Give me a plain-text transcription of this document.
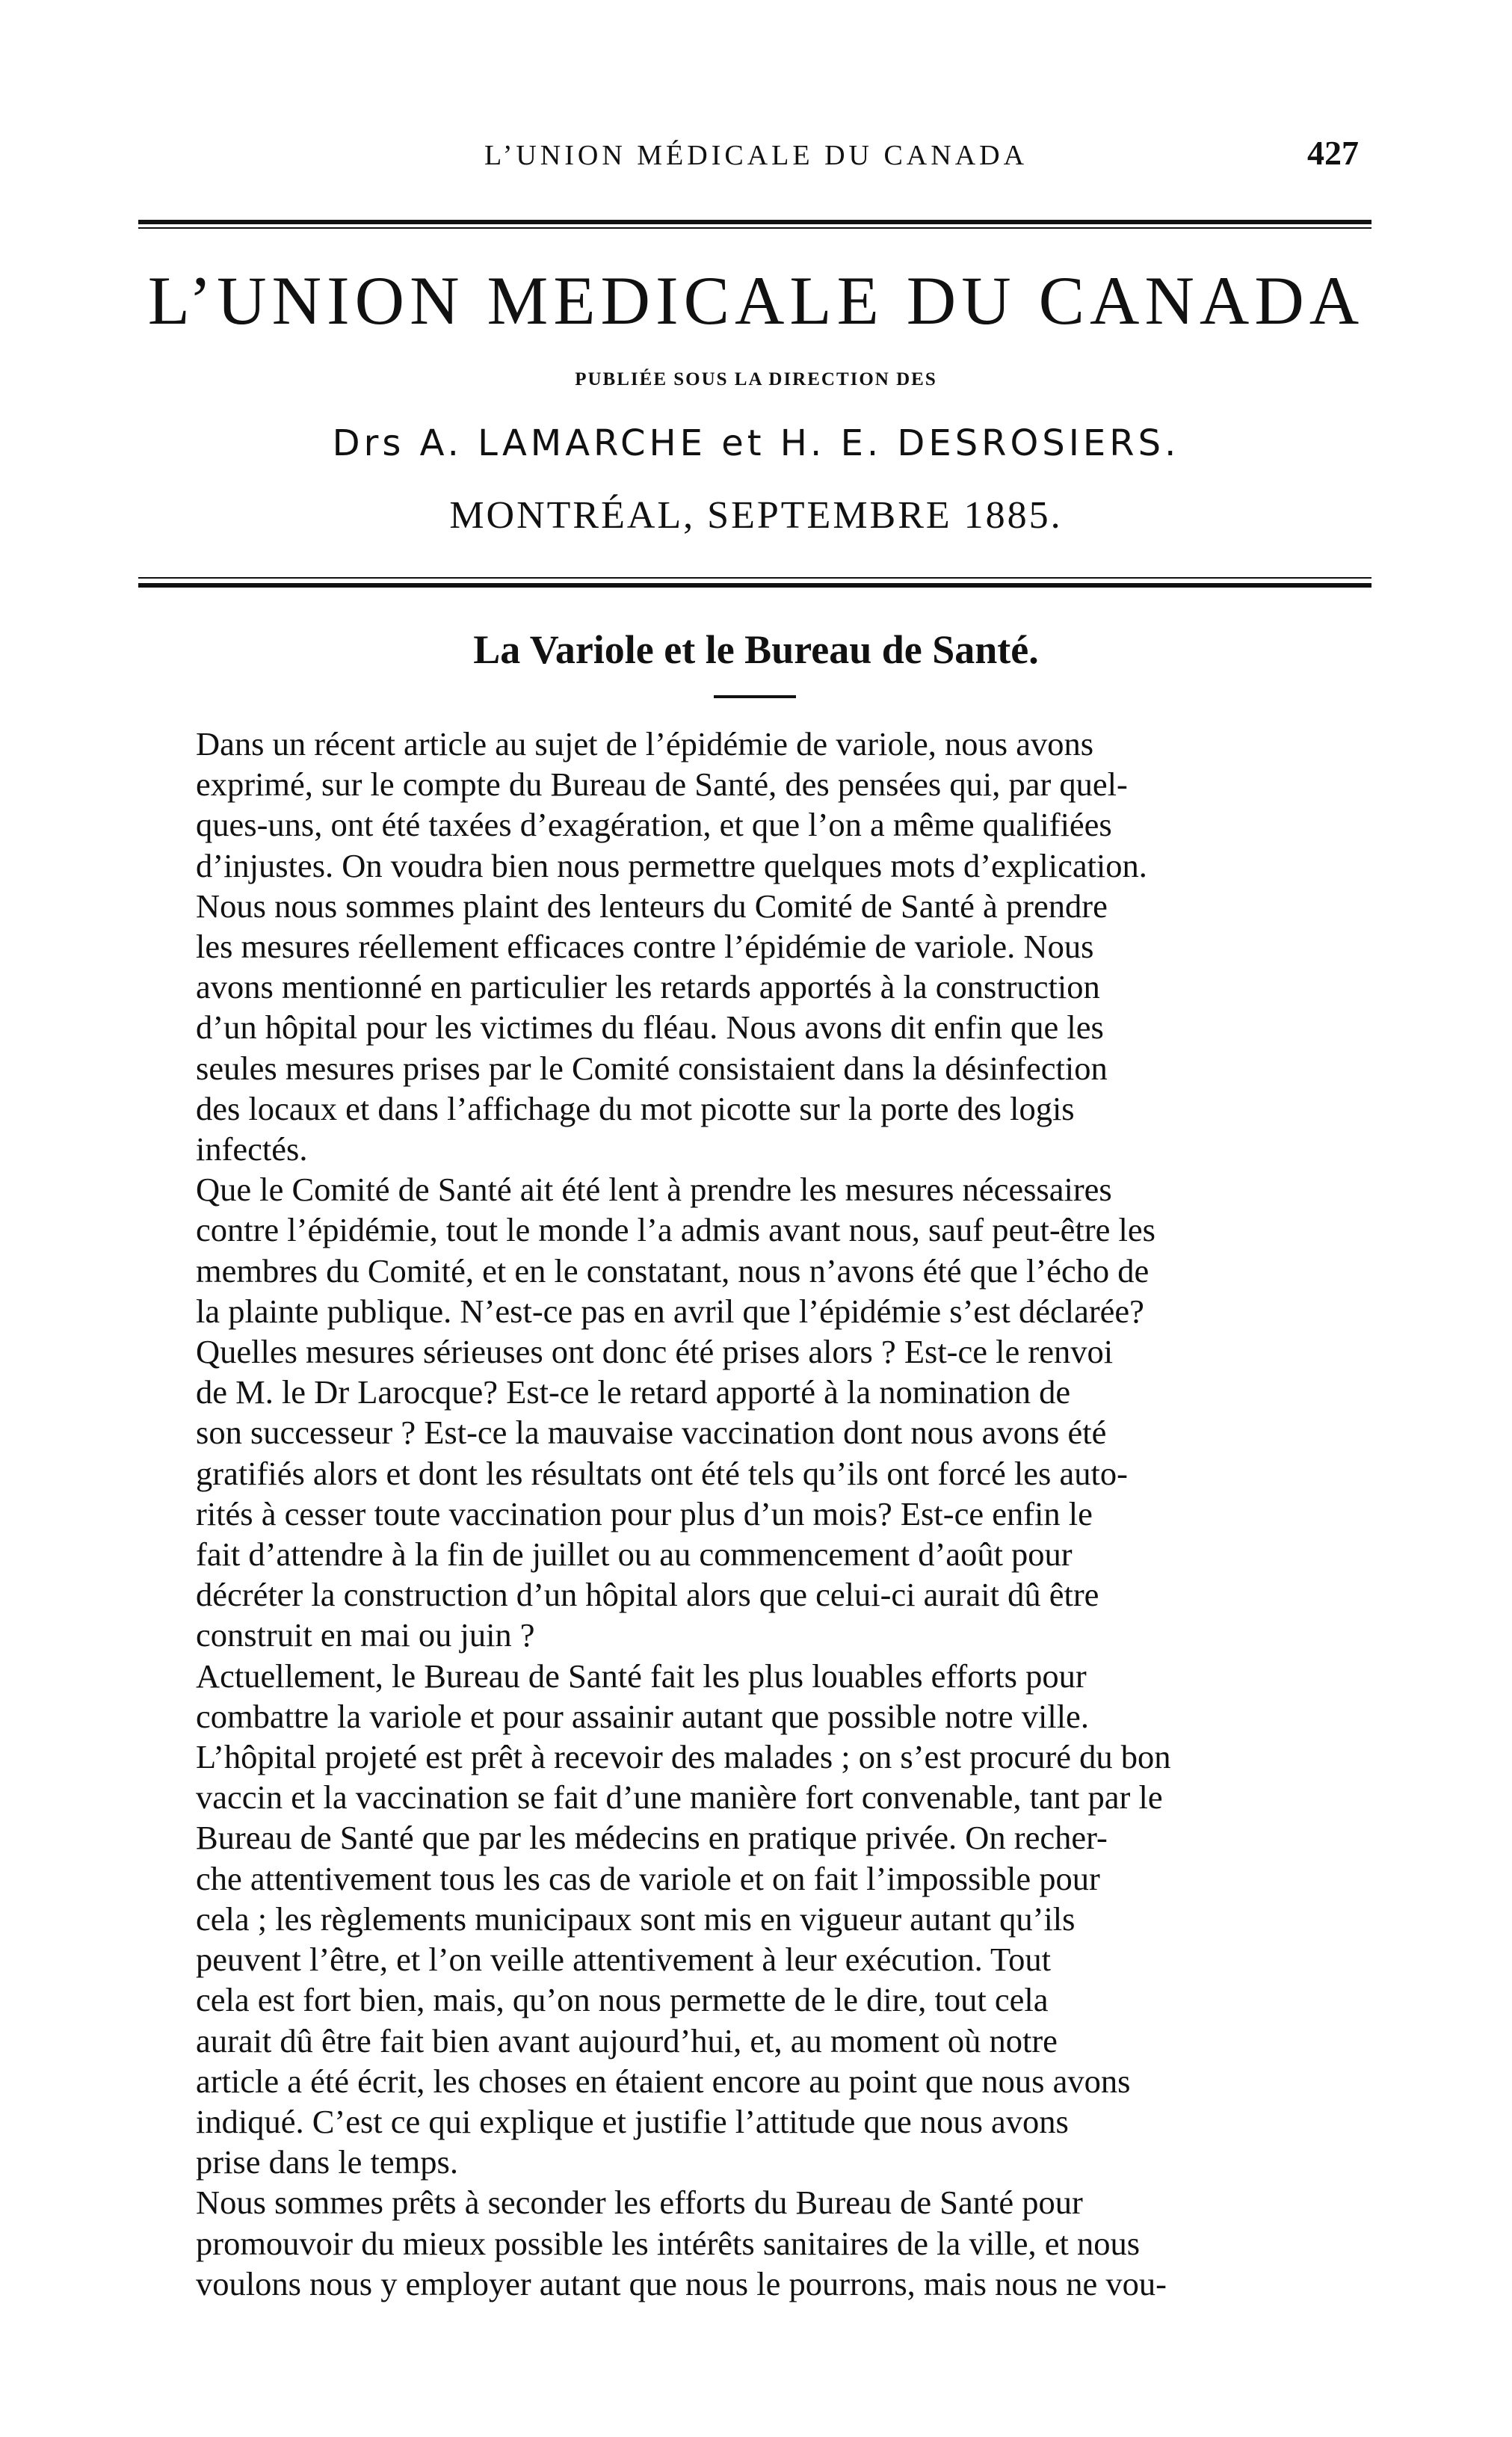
L’UNION MÉDICALE DU CANADA	427
L’UNION MEDICALE DU CANADA
PUBLIÉE SOUS LA DIRECTION DES
Drs A. LAMARCHE et H. E. DESROSIERS.
MONTRÉAL, SEPTEMBRE 1885.
La Variole et le Bureau de Santé.

Dans un récent article au sujet de l’épidémie de variole, nous avons
exprimé, sur le compte du Bureau de Santé, des pensées qui, par quel-
ques-uns, ont été taxées d’exagération, et que l’on a même qualifiées
d’injustes. On voudra bien nous permettre quelques mots d’explication.

Nous nous sommes plaint des lenteurs du Comité de Santé à prendre
les mesures réellement efficaces contre l’épidémie de variole. Nous
avons mentionné en particulier les retards apportés à la construction
d’un hôpital pour les victimes du fléau. Nous avons dit enfin que les
seules mesures prises par le Comité consistaient dans la désinfection
des locaux et dans l’affichage du mot picotte sur la porte des logis
infectés.

Que le Comité de Santé ait été lent à prendre les mesures nécessaires
contre l’épidémie, tout le monde l’a admis avant nous, sauf peut-être les
membres du Comité, et en le constatant, nous n’avons été que l’écho de
la plainte publique. N’est-ce pas en avril que l’épidémie s’est déclarée?
Quelles mesures sérieuses ont donc été prises alors ? Est-ce le renvoi
de M. le Dr Larocque? Est-ce le retard apporté à la nomination de
son successeur ? Est-ce la mauvaise vaccination dont nous avons été
gratifiés alors et dont les résultats ont été tels qu’ils ont forcé les auto-
rités à cesser toute vaccination pour plus d’un mois? Est-ce enfin le
fait d’attendre à la fin de juillet ou au commencement d’août pour
décréter la construction d’un hôpital alors que celui-ci aurait dû être
construit en mai ou juin ?

Actuellement, le Bureau de Santé fait les plus louables efforts pour
combattre la variole et pour assainir autant que possible notre ville.
L’hôpital projeté est prêt à recevoir des malades ; on s’est procuré du bon
vaccin et la vaccination se fait d’une manière fort convenable, tant par le
Bureau de Santé que par les médecins en pratique privée. On recher-
che attentivement tous les cas de variole et on fait l’impossible pour
cela ; les règlements municipaux sont mis en vigueur autant qu’ils
peuvent l’être, et l’on veille attentivement à leur exécution. Tout
cela est fort bien, mais, qu’on nous permette de le dire, tout cela
aurait dû être fait bien avant aujourd’hui, et, au moment où notre
article a été écrit, les choses en étaient encore au point que nous avons
indiqué. C’est ce qui explique et justifie l’attitude que nous avons
prise dans le temps.

Nous sommes prêts à seconder les efforts du Bureau de Santé pour
promouvoir du mieux possible les intérêts sanitaires de la ville, et nous
voulons nous y employer autant que nous le pourrons, mais nous ne vou-
